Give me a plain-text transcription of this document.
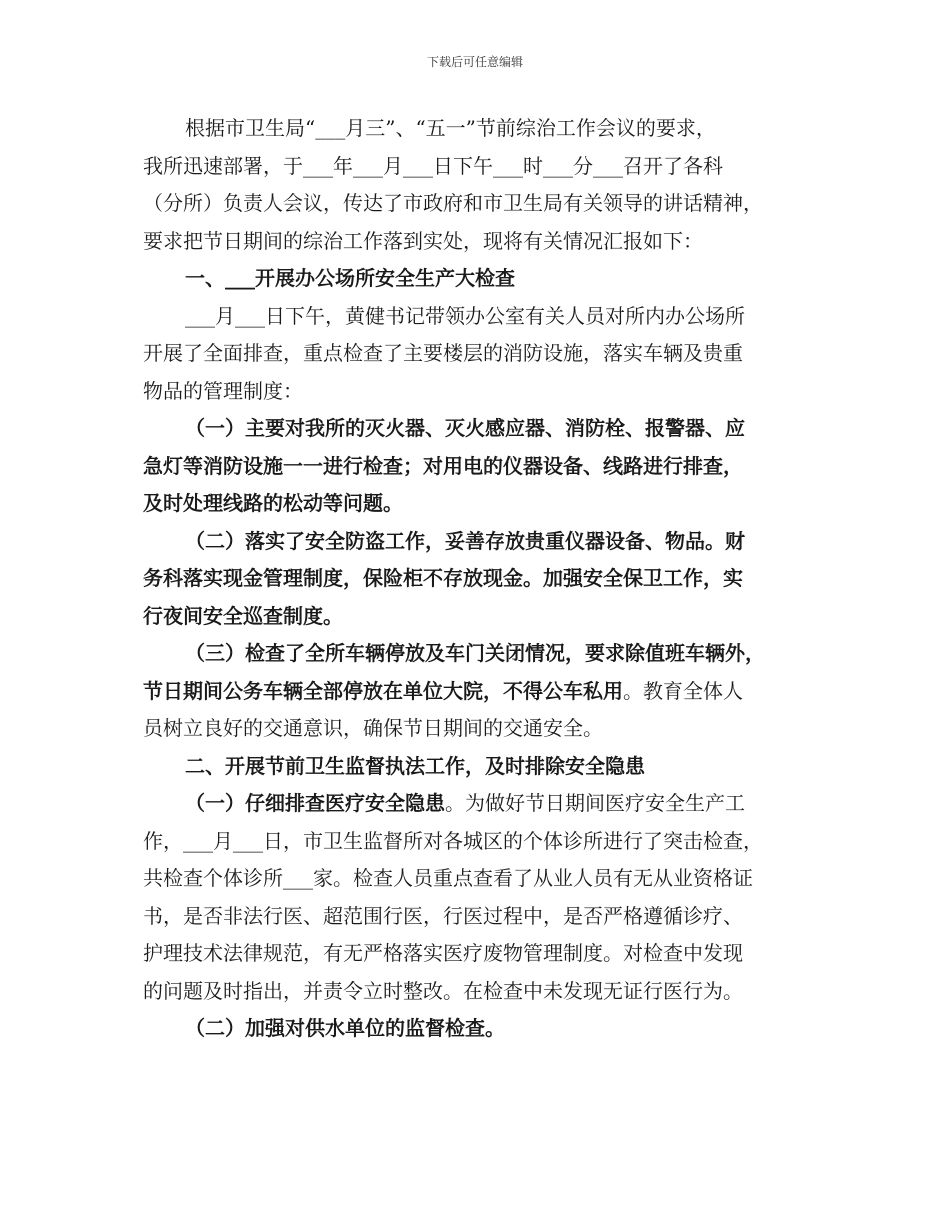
下载后可任意编辑
根据市卫生局“___月三”、“五一”节前综治工作会议的要求，
我所迅速部署，于___年___月___日下午___时___分___召开了各科
（分所）负责人会议，传达了市政府和市卫生局有关领导的讲话精神，
要求把节日期间的综治工作落到实处，现将有关情况汇报如下：
一、___开展办公场所安全生产大检查
___月___日下午，黄健书记带领办公室有关人员对所内办公场所
开展了全面排查，重点检查了主要楼层的消防设施，落实车辆及贵重
物品的管理制度：
（一）主要对我所的灭火器、灭火感应器、消防栓、报警器、应
急灯等消防设施一一进行检查；对用电的仪器设备、线路进行排查，
及时处理线路的松动等问题。
（二）落实了安全防盗工作，妥善存放贵重仪器设备、物品。财
务科落实现金管理制度，保险柜不存放现金。加强安全保卫工作，实
行夜间安全巡查制度。
（三）检查了全所车辆停放及车门关闭情况，要求除值班车辆外，
节日期间公务车辆全部停放在单位大院，不得公车私用。教育全体人
员树立良好的交通意识，确保节日期间的交通安全。
二、开展节前卫生监督执法工作，及时排除安全隐患
（一）仔细排查医疗安全隐患。为做好节日期间医疗安全生产工
作，___月___日，市卫生监督所对各城区的个体诊所进行了突击检查，
共检查个体诊所___家。检查人员重点查看了从业人员有无从业资格证
书，是否非法行医、超范围行医，行医过程中，是否严格遵循诊疗、
护理技术法律规范，有无严格落实医疗废物管理制度。对检查中发现
的问题及时指出，并责令立时整改。在检查中未发现无证行医行为。
（二）加强对供水单位的监督检查。
